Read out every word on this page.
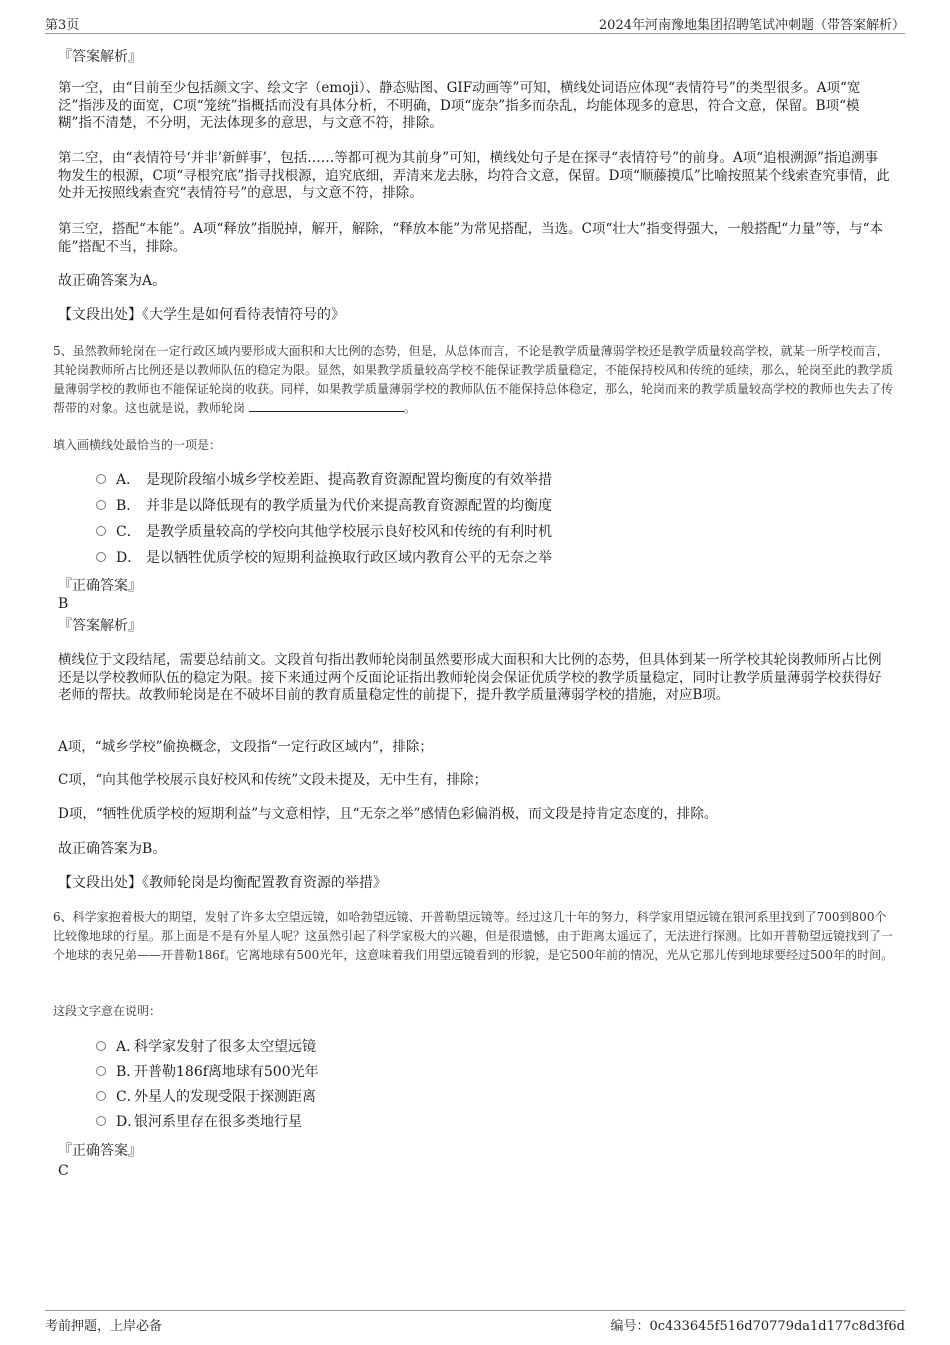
第3页	2024年河南豫地集团招聘笔试冲刺题（带答案解析）
『答案解析』
第一空，由“目前至少包括颜文字、绘文字（emoji）、静态贴图、GIF动画等”可知，横线处词语应体现“表情符号”的类型很多。A项“宽泛”指涉及的面宽，C项“笼统”指概括而没有具体分析，不明确，D项“庞杂”指多而杂乱，均能体现多的意思，符合文意，保留。B项“模糊”指不清楚，不分明，无法体现多的意思，与文意不符，排除。
第二空，由“表情符号‘并非’新鲜事’，包括……等都可视为其前身”可知，横线处句子是在探寻“表情符号”的前身。A项“追根溯源”指追溯事物发生的根源，C项“寻根究底”指寻找根源，追究底细，弄清来龙去脉，均符合文意，保留。D项“顺藤摸瓜”比喻按照某个线索查究事情，此处并无按照线索查究“表情符号”的意思，与文意不符，排除。
第三空，搭配“本能”。A项“释放”指脱掉，解开，解除，“释放本能”为常见搭配，当选。C项“壮大”指变得强大，一般搭配“力量”等，与“本能”搭配不当，排除。
故正确答案为A。
【文段出处】《大学生是如何看待表情符号的》
5、虽然教师轮岗在一定行政区域内要形成大面积和大比例的态势，但是，从总体而言，不论是教学质量薄弱学校还是教学质量较高学校，就某一所学校而言，其轮岗教师所占比例还是以教师队伍的稳定为限。显然，如果教学质量较高学校不能保证教学质量稳定，不能保持校风和传统的延续，那么，轮岗至此的教学质量薄弱学校的教师也不能保证轮岗的收获。同样，如果教学质量薄弱学校的教师队伍不能保持总体稳定，那么，轮岗而来的教学质量较高学校的教师也失去了传帮带的对象。这也就是说，教师轮岗	。
填入画横线处最恰当的一项是：
A． 是现阶段缩小城乡学校差距、提高教育资源配置均衡度的有效举措
B． 并非是以降低现有的教学质量为代价来提高教育资源配置的均衡度
C． 是教学质量较高的学校向其他学校展示良好校风和传统的有利时机
D． 是以牺牲优质学校的短期利益换取行政区域内教育公平的无奈之举
『正确答案』
B
『答案解析』
横线位于文段结尾，需要总结前文。文段首句指出教师轮岗制虽然要形成大面积和大比例的态势，但具体到某一所学校其轮岗教师所占比例还是以学校教师队伍的稳定为限。接下来通过两个反面论证指出教师轮岗会保证优质学校的教学质量稳定，同时让教学质量薄弱学校获得好老师的帮扶。故教师轮岗是在不破坏目前的教育质量稳定性的前提下，提升教学质量薄弱学校的措施，对应B项。
A项，“城乡学校”偷换概念，文段指“一定行政区域内”，排除；
C项，“向其他学校展示良好校风和传统”文段未提及，无中生有，排除；
D项，“牺牲优质学校的短期利益”与文意相悖，且“无奈之举”感情色彩偏消极，而文段是持肯定态度的，排除。
故正确答案为B。
【文段出处】《教师轮岗是均衡配置教育资源的举措》
6、科学家抱着极大的期望，发射了许多太空望远镜，如哈勃望远镜、开普勒望远镜等。经过这几十年的努力，科学家用望远镜在银河系里找到了700到800个比较像地球的行星。那上面是不是有外星人呢？这虽然引起了科学家极大的兴趣，但是很遗憾，由于距离太遥远了，无法进行探测。比如开普勒望远镜找到了一个地球的表兄弟——开普勒186f。它离地球有500光年，这意味着我们用望远镜看到的形貌，是它500年前的情况，光从它那儿传到地球要经过500年的时间。
这段文字意在说明：
A．科学家发射了很多太空望远镜
B．开普勒186f离地球有500光年
C．外星人的发现受限于探测距离
D．银河系里存在很多类地行星
『正确答案』
C
考前押题，上岸必备	编号：0c433645f516d70779da1d177c8d3f6d
